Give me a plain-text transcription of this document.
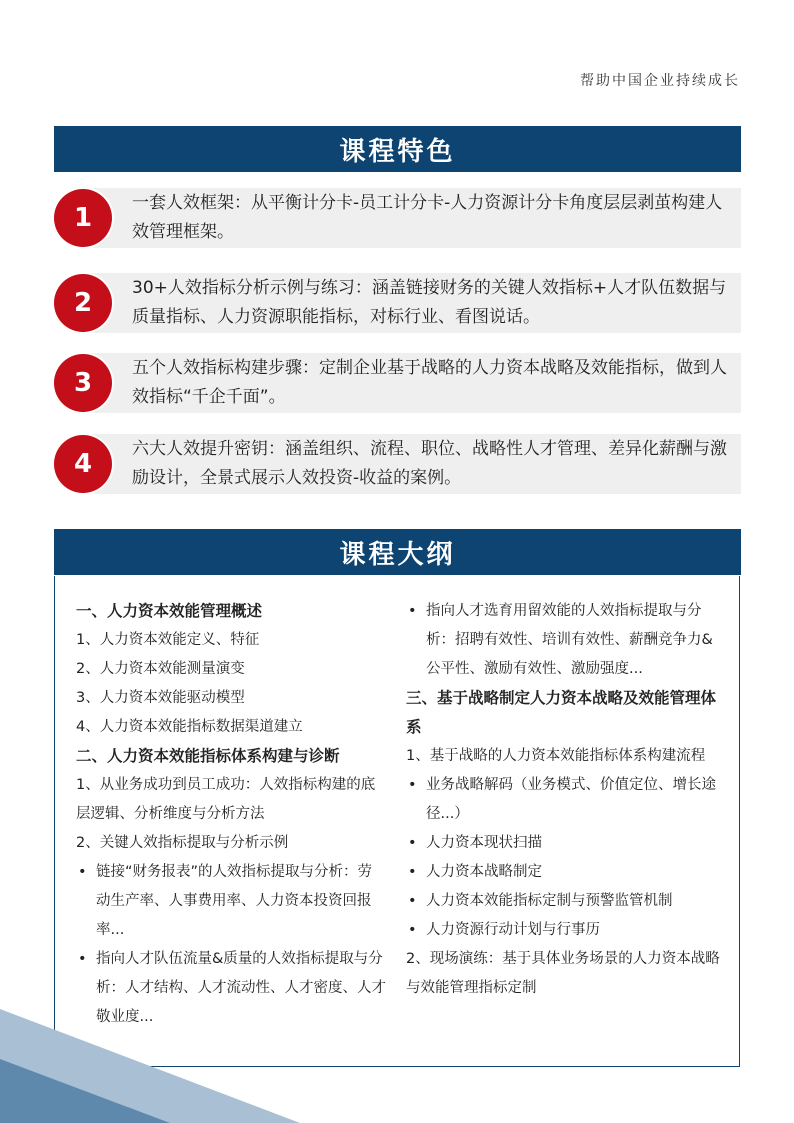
帮助中国企业持续成长
课程特色
1	一套人效框架：从平衡计分卡-员工计分卡-人力资源计分卡角度层层剥茧构建人效管理框架。
2	30+人效指标分析示例与练习：涵盖链接财务的关键人效指标+人才队伍数据与质量指标、人力资源职能指标，对标行业、看图说话。
3	五个人效指标构建步骤：定制企业基于战略的人力资本战略及效能指标，做到人效指标“千企千面”。
4	六大人效提升密钥：涵盖组织、流程、职位、战略性人才管理、差异化薪酬与激励设计，全景式展示人效投资-收益的案例。
课程大纲

一、人力资本效能管理概述

1、人力资本效能定义、特征

2、人力资本效能测量演变

3、人力资本效能驱动模型

4、人力资本效能指标数据渠道建立

二、人力资本效能指标体系构建与诊断

1、从业务成功到员工成功：人效指标构建的底层逻辑、分析维度与分析方法

2、关键人效指标提取与分析示例

• 链接“财务报表”的人效指标提取与分析：劳动生产率、人事费用率、人力资本投资回报率...

• 指向人才队伍流量&质量的人效指标提取与分析：人才结构、人才流动性、人才密度、人才敬业度...

• 指向人才选育用留效能的人效指标提取与分析：招聘有效性、培训有效性、薪酬竞争力&公平性、激励有效性、激励强度...

三、基于战略制定人力资本战略及效能管理体系

1、基于战略的人力资本效能指标体系构建流程

• 业务战略解码（业务模式、价值定位、增长途径...）

• 人力资本现状扫描

• 人力资本战略制定

• 人力资本效能指标定制与预警监管机制

• 人力资源行动计划与行事历

2、现场演练：基于具体业务场景的人力资本战略与效能管理指标定制
